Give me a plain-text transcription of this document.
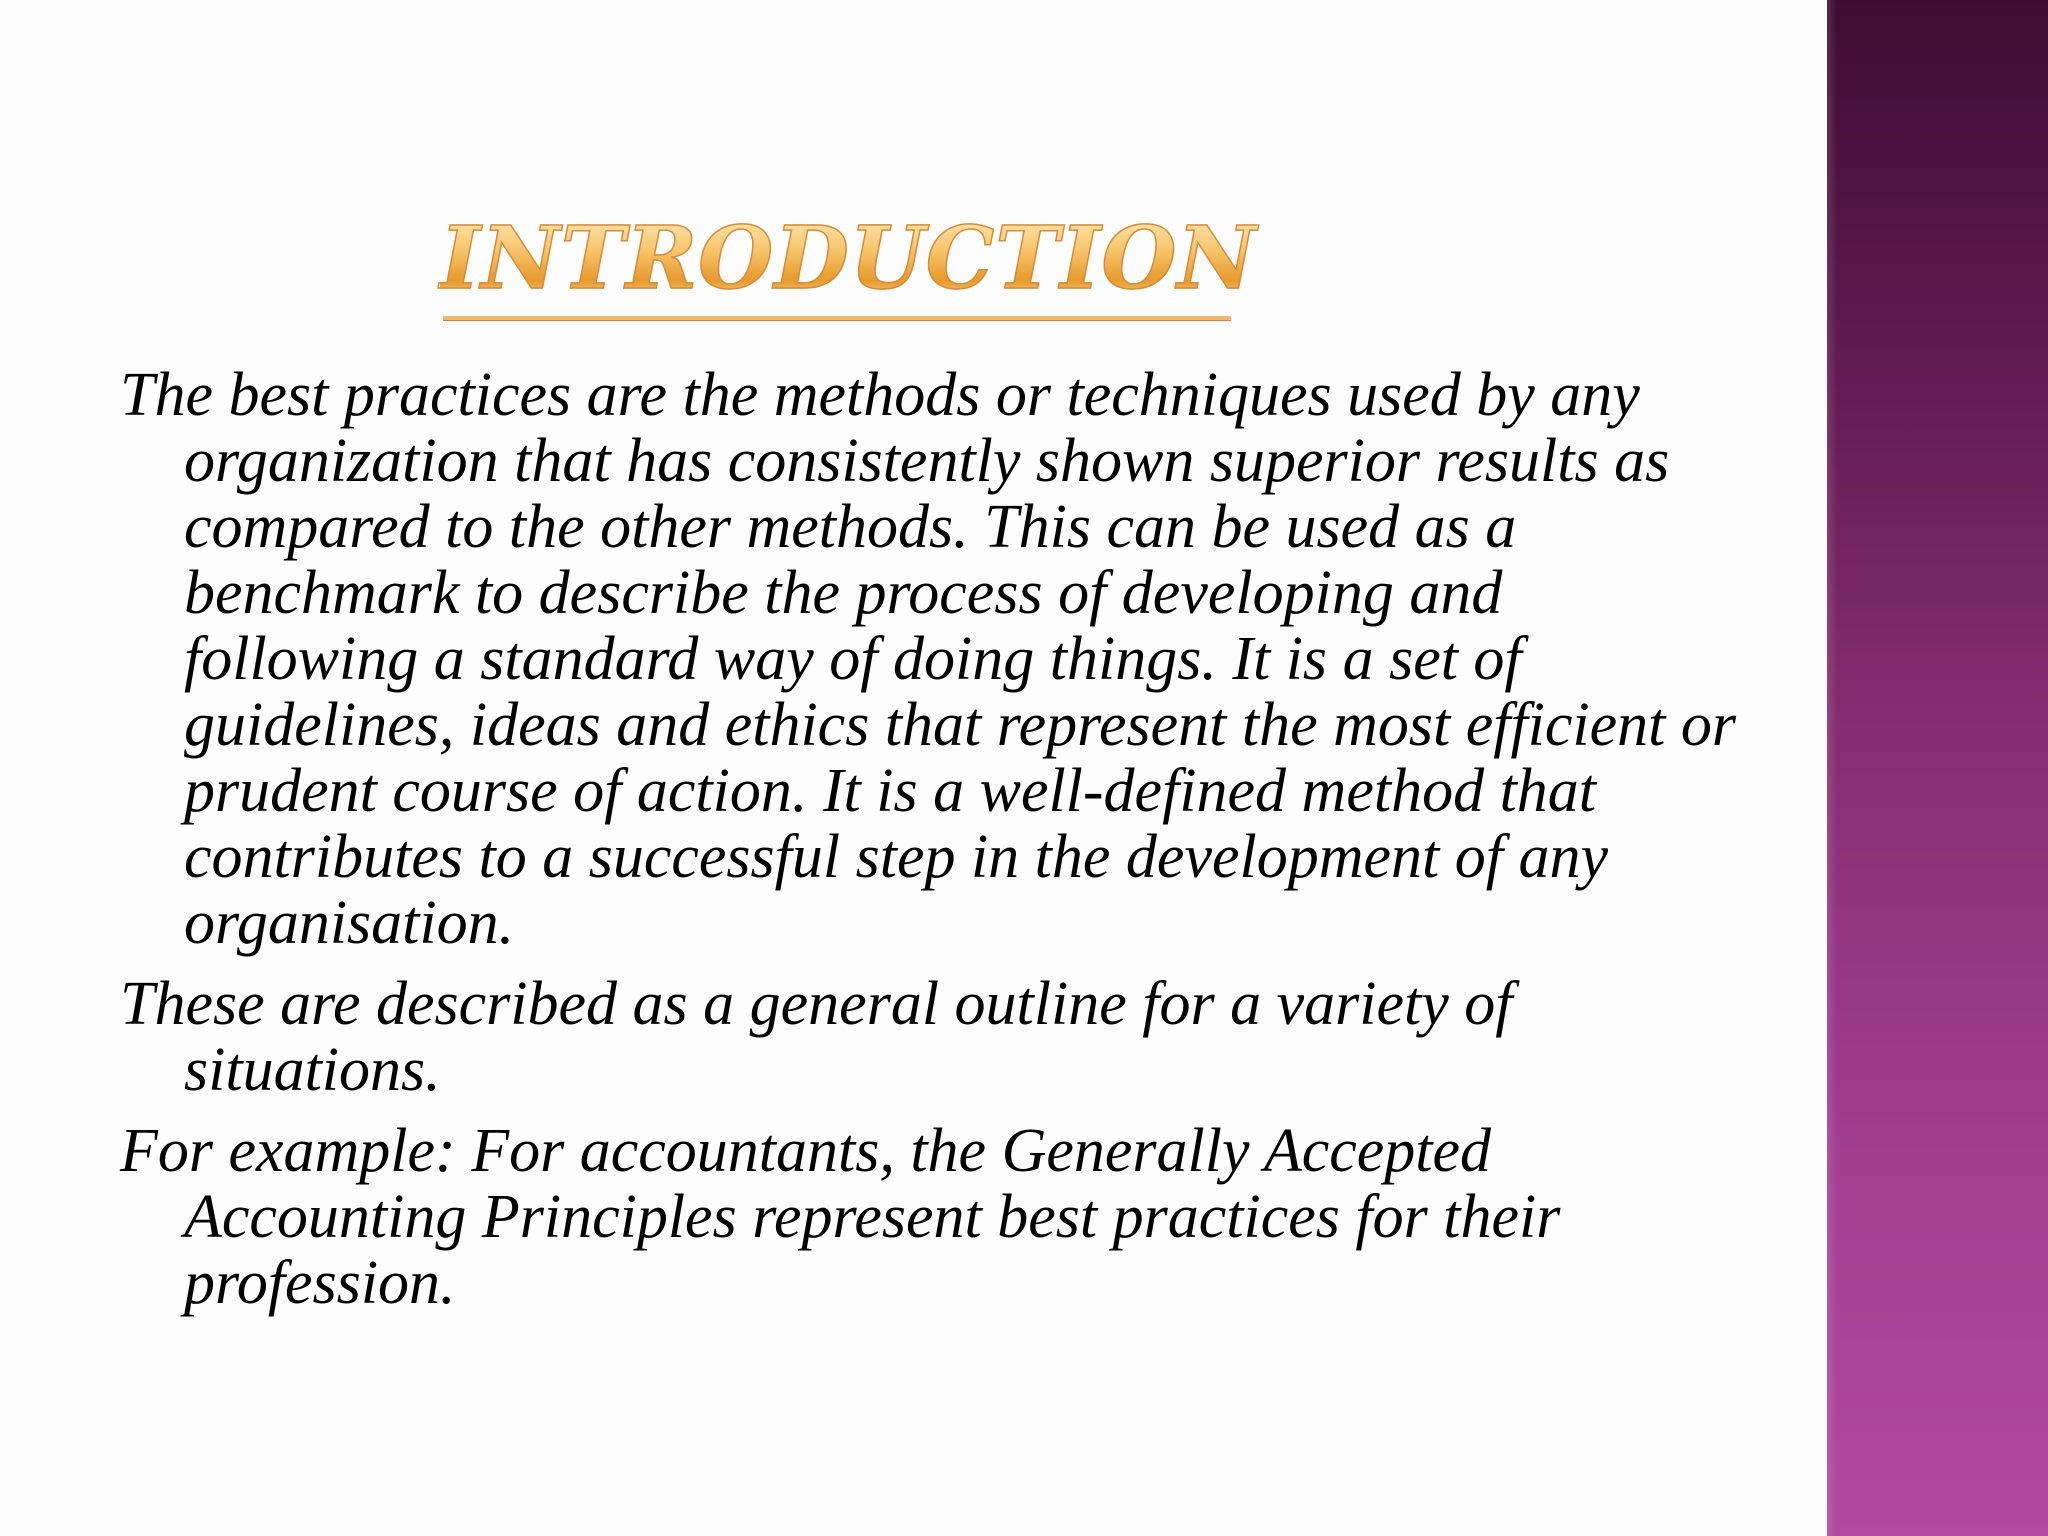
INTRODUCTION

The best practices are the methods or techniques used by any organization that has consistently shown superior results as compared to the other methods. This can be used as a benchmark to describe the process of developing and following a standard way of doing things. It is a set of guidelines, ideas and ethics that represent the most efficient or prudent course of action. It is a well-defined method that contributes to a successful step in the development of any organisation.

These are described as a general outline for a variety of situations.

For example: For accountants, the Generally Accepted Accounting Principles represent best practices for their profession.
